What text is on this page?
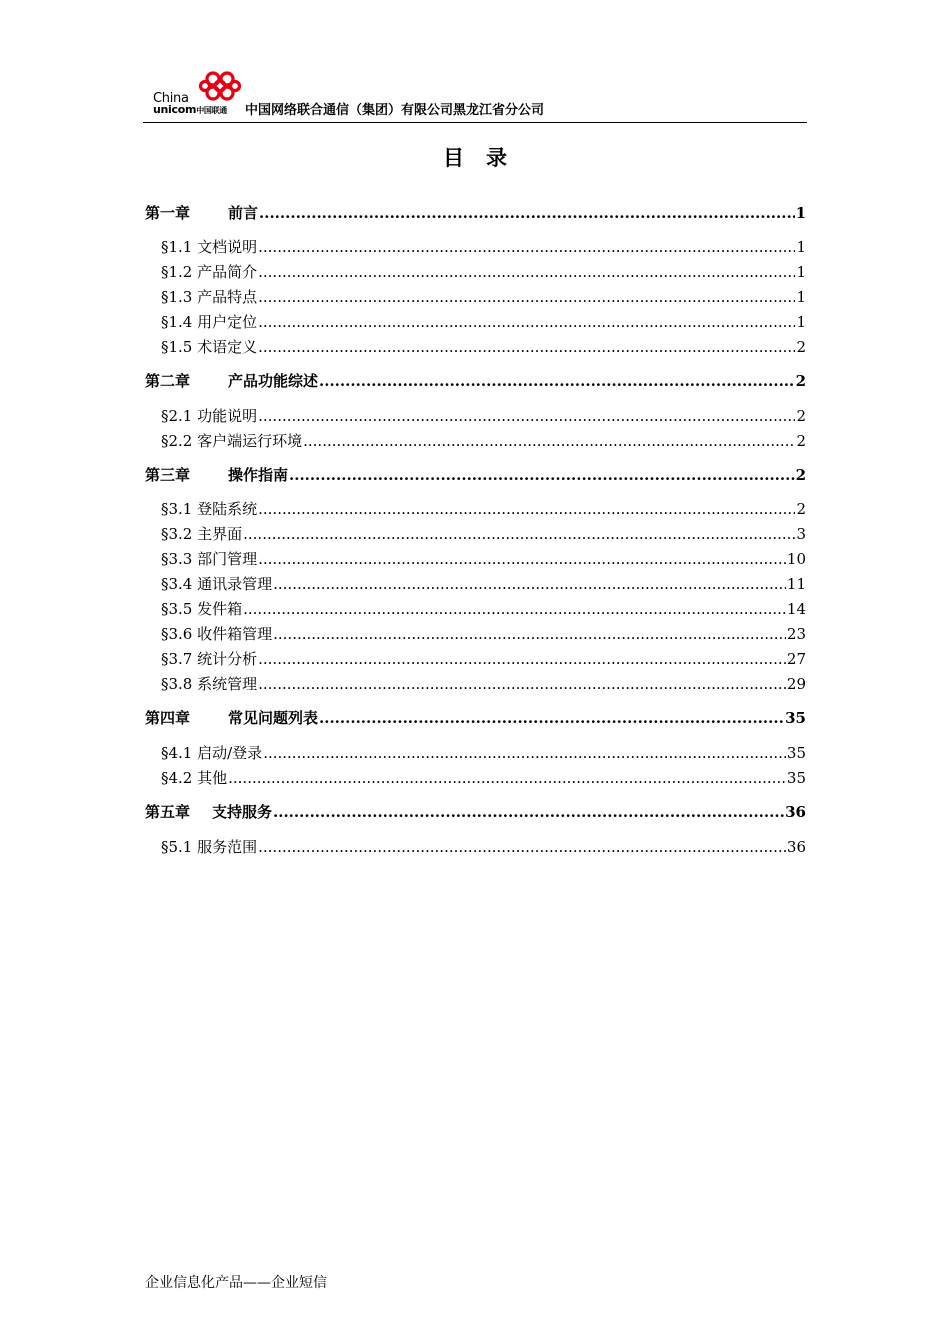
China
unicom中国联通 中国网络联合通信（集团）有限公司黑龙江省分公司
目录
第一章	前言 .....	1
§1.1 文档说明 .....	1
§1.2 产品简介 .....	1
§1.3 产品特点 .....	1
§1.4 用户定位 .....	1
§1.5 术语定义 .....	2
第二章	产品功能综述 .....	2
§2.1 功能说明 .....	2
§2.2 客户端运行环境 .....	2
第三章	操作指南 .....	2
§3.1 登陆系统 .....	2
§3.2 主界面 .....	3
§3.3 部门管理 .....	10
§3.4 通讯录管理 .....	11
§3.5 发件箱 .....	14
§3.6 收件箱管理 .....	23
§3.7 统计分析 .....	27
§3.8 系统管理 .....	29
第四章	常见问题列表 .....	35
§4.1 启动/登录 .....	35
§4.2 其他 .....	35
第五章	支持服务 .....	36
§5.1 服务范围 .....	36
企业信息化产品——企业短信
